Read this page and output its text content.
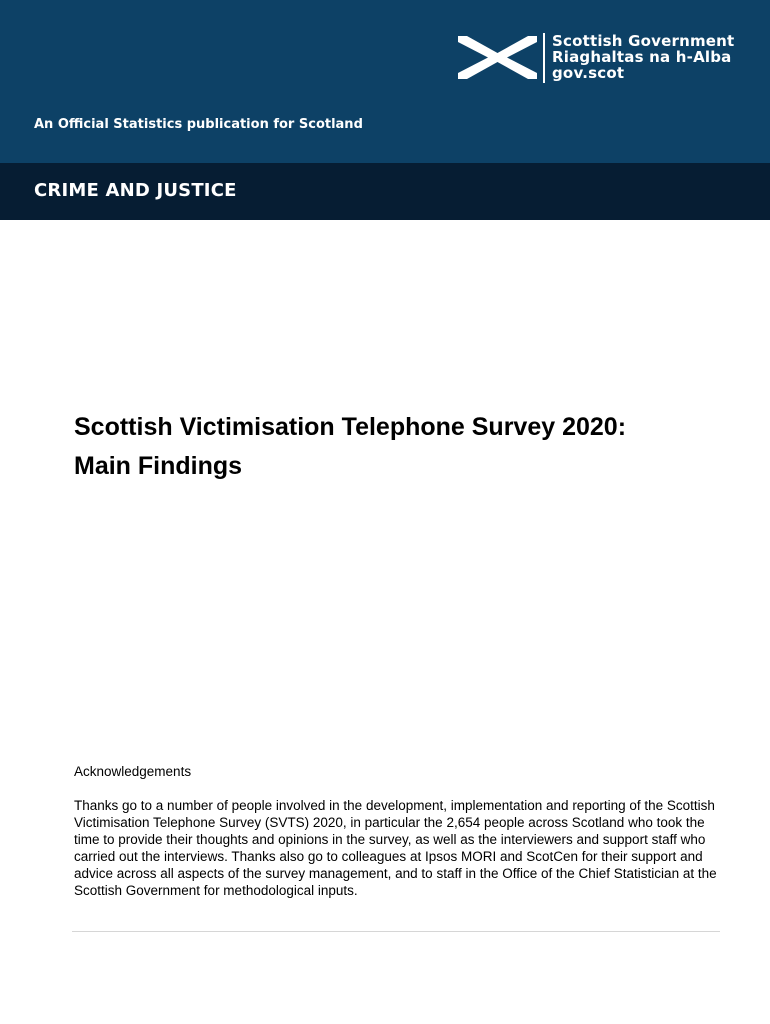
Scottish Government
Riaghaltas na h-Alba
gov.scot
An Official Statistics publication for Scotland
CRIME AND JUSTICE
Scottish Victimisation Telephone Survey 2020:
Main Findings
Acknowledgements

Thanks go to a number of people involved in the development, implementation and reporting of the Scottish Victimisation Telephone Survey (SVTS) 2020, in particular the 2,654 people across Scotland who took the time to provide their thoughts and opinions in the survey, as well as the interviewers and support staff who carried out the interviews. Thanks also go to colleagues at Ipsos MORI and ScotCen for their support and advice across all aspects of the survey management, and to staff in the Office of the Chief Statistician at the Scottish Government for methodological inputs.
